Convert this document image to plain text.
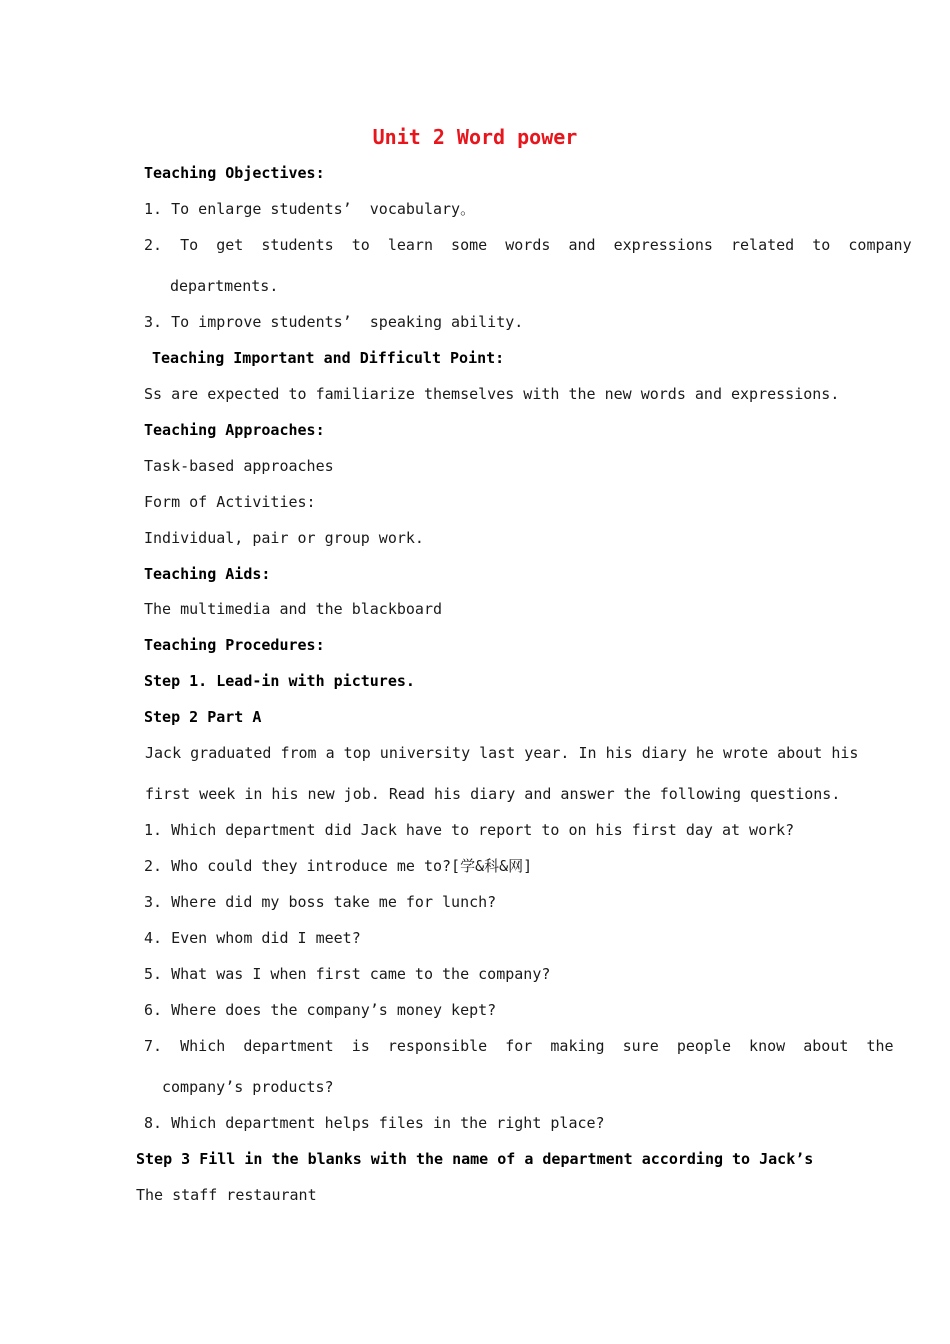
Unit 2 Word power
Teaching Objectives:
1. To enlarge students’  vocabulary。
2.  To  get  students  to  learn  some  words  and  expressions  related  to  company
departments.
3. To improve students’  speaking ability.
Teaching Important and Difficult Point:
Ss are expected to familiarize themselves with the new words and expressions.
Teaching Approaches:
Task-based approaches
Form of Activities:
Individual, pair or group work.
Teaching Aids:
The multimedia and the blackboard
Teaching Procedures:
Step 1. Lead-in with pictures.
Step 2 Part A
Jack graduated from a top university last year. In his diary he wrote about his
first week in his new job. Read his diary and answer the following questions.
1. Which department did Jack have to report to on his first day at work?
2. Who could they introduce me to?[学&科&网]
3. Where did my boss take me for lunch?
4. Even whom did I meet?
5. What was I when first came to the company?
6. Where does the company’s money kept?
7.  Which  department  is  responsible  for  making  sure  people  know  about  the
company’s products?
8. Which department helps files in the right place?
Step 3 Fill in the blanks with the name of a department according to Jack’s
The staff restaurant
